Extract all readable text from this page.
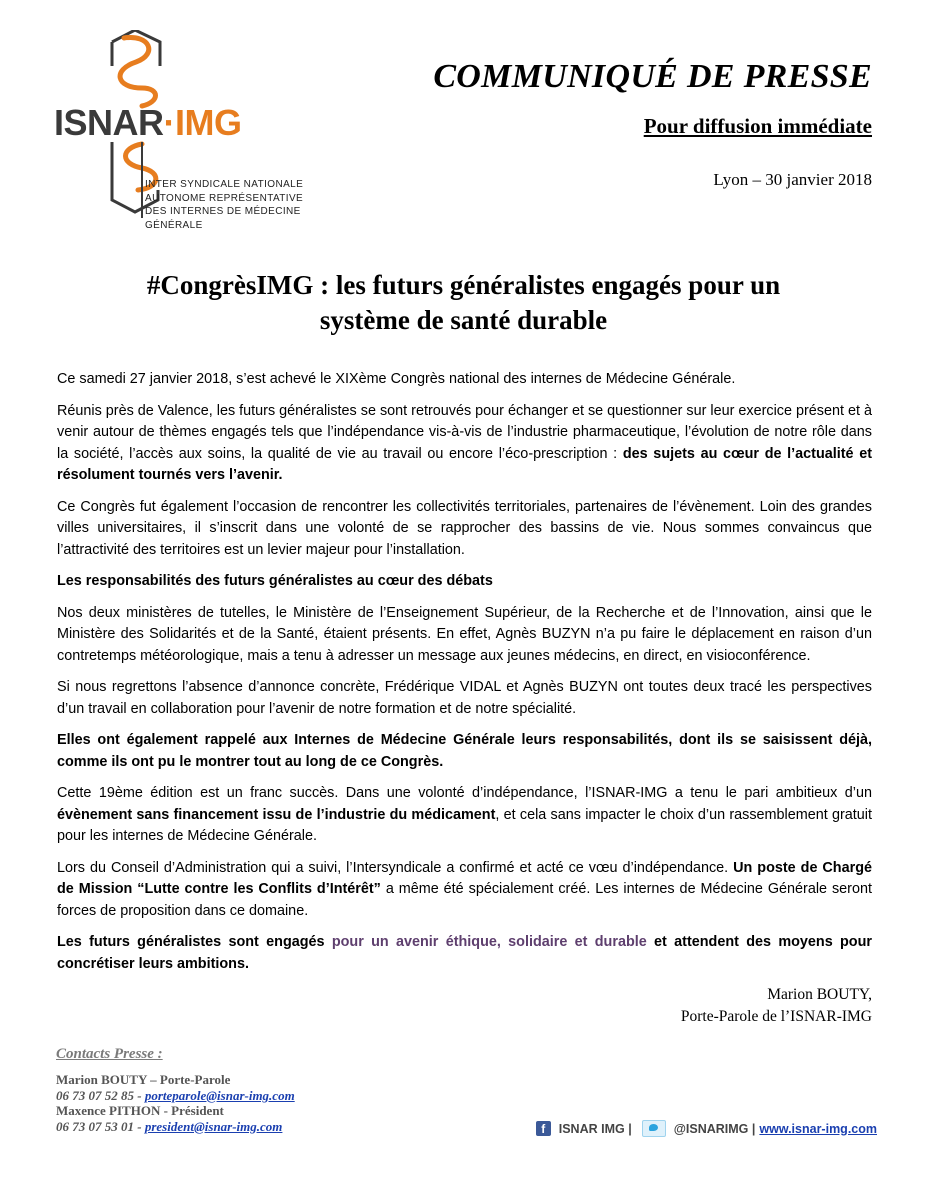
ISNAR·IMG
INTER SYNDICALE NATIONALE
AUTONOME REPRÉSENTATIVE
DES INTERNES DE MÉDECINE GÉNÉRALE
COMMUNIQUÉ DE PRESSE
Pour diffusion immédiate
Lyon – 30 janvier 2018
#CongrèsIMG : les futurs généralistes engagés pour un
système de santé durable

Ce samedi 27 janvier 2018, s’est achevé le XIXème Congrès national des internes de Médecine Générale.

Réunis près de Valence, les futurs généralistes se sont retrouvés pour échanger et se questionner sur leur exercice présent et à venir autour de thèmes engagés tels que l’indépendance vis-à-vis de l’industrie pharmaceutique, l’évolution de notre rôle dans la société, l’accès aux soins, la qualité de vie au travail ou encore l’éco-prescription : des sujets au cœur de l’actualité et résolument tournés vers l’avenir.

Ce Congrès fut également l’occasion de rencontrer les collectivités territoriales, partenaires de l’évènement. Loin des grandes villes universitaires, il s’inscrit dans une volonté de se rapprocher des bassins de vie. Nous sommes convaincus que l’attractivité des territoires est un levier majeur pour l’installation.

Les responsabilités des futurs généralistes au cœur des débats

Nos deux ministères de tutelles, le Ministère de l’Enseignement Supérieur, de la Recherche et de l’Innovation, ainsi que le Ministère des Solidarités et de la Santé, étaient présents. En effet, Agnès BUZYN n’a pu faire le déplacement en raison d’un contretemps météorologique, mais a tenu à adresser un message aux jeunes médecins, en direct, en visioconférence.

Si nous regrettons l’absence d’annonce concrète, Frédérique VIDAL et Agnès BUZYN ont toutes deux tracé les perspectives d’un travail en collaboration pour l’avenir de notre formation et de notre spécialité.

Elles ont également rappelé aux Internes de Médecine Générale leurs responsabilités, dont ils se saisissent déjà, comme ils ont pu le montrer tout au long de ce Congrès.

Cette 19ème édition est un franc succès. Dans une volonté d’indépendance, l’ISNAR-IMG a tenu le pari ambitieux d’un évènement sans financement issu de l’industrie du médicament, et cela sans impacter le choix d’un rassemblement gratuit pour les internes de Médecine Générale.

Lors du Conseil d’Administration qui a suivi, l’Intersyndicale a confirmé et acté ce vœu d’indépendance. Un poste de Chargé de Mission “Lutte contre les Conflits d’Intérêt” a même été spécialement créé. Les internes de Médecine Générale seront forces de proposition dans ce domaine.

Les futurs généralistes sont engagés pour un avenir éthique, solidaire et durable et attendent des moyens pour concrétiser leurs ambitions.

Marion BOUTY,
Porte-Parole de l’ISNAR-IMG
Contacts Presse :
Marion BOUTY – Porte-Parole
06 73 07 52 85 - porteparole@isnar-img.com
Maxence PITHON - Président
06 73 07 53 01 - president@isnar-img.com	f	ISNAR IMG |	@ISNARIMG | www.isnar-img.com
